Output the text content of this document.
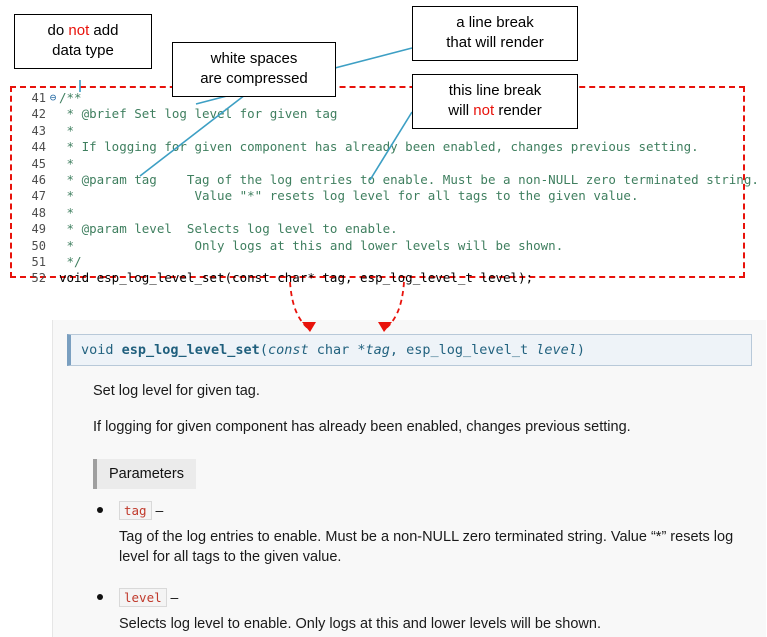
do not add
data type	white spaces
are compressed
a line break
that will render
this line break
will not render
41 ⊖ /**
42 * @brief Set log level for given tag
43 *
44 * If logging for given component has already been enabled, changes previous setting.
45 *
46 * @param tag    Tag of the log entries to enable. Must be a non-NULL zero terminated string.
47 *                Value "*" resets log level for all tags to the given value.
48 *
49 * @param level  Selects log level to enable.
50 *                Only logs at this and lower levels will be shown.
51 */
52 void esp_log_level_set(const char* tag, esp_log_level_t level);
void esp_log_level_set(const char *tag, esp_log_level_t level)
Set log level for given tag.
If logging for given component has already been enabled, changes previous setting.
Parameters
tag –
Tag of the log entries to enable. Must be a non-NULL zero terminated string. Value “*” resets log level for all tags to the given value.
level –
Selects log level to enable. Only logs at this and lower levels will be shown.
